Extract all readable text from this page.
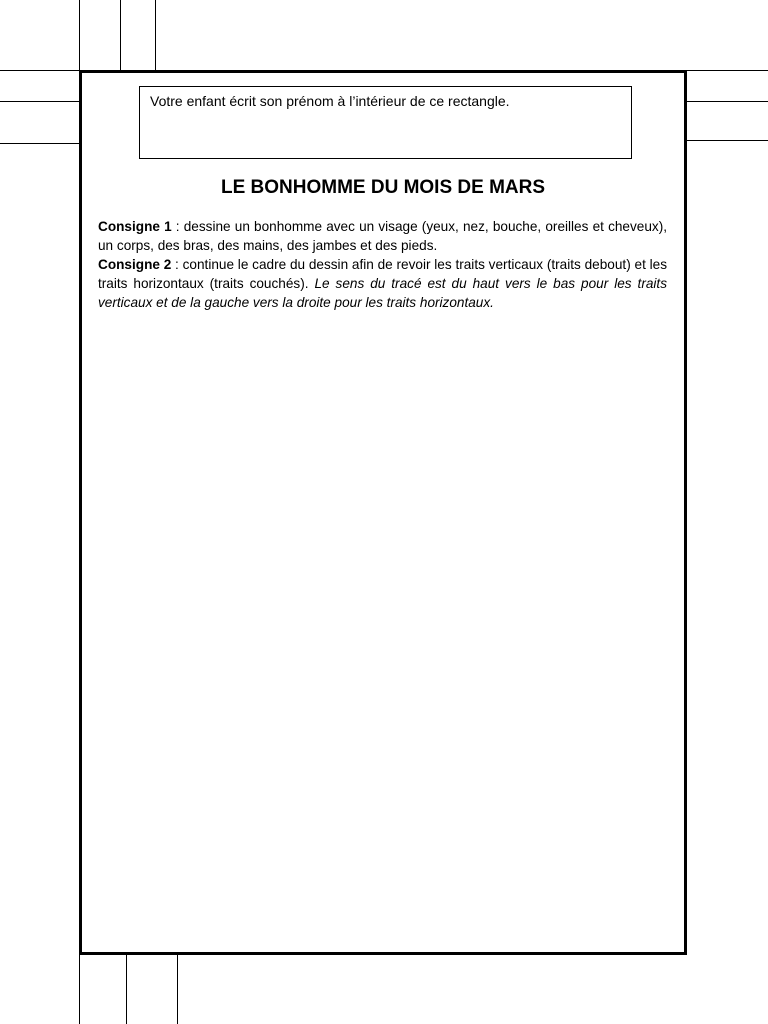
Votre enfant écrit son prénom à l’intérieur de ce rectangle.
LE BONHOMME DU MOIS DE MARS

Consigne 1 : dessine un bonhomme avec un visage (yeux, nez, bouche, oreilles et cheveux), un corps, des bras, des mains, des jambes et des pieds.

Consigne 2 : continue le cadre du dessin afin de revoir les traits verticaux (traits debout) et les traits horizontaux (traits couchés). Le sens du tracé est du haut vers le bas pour les traits verticaux et de la gauche vers la droite pour les traits horizontaux.
